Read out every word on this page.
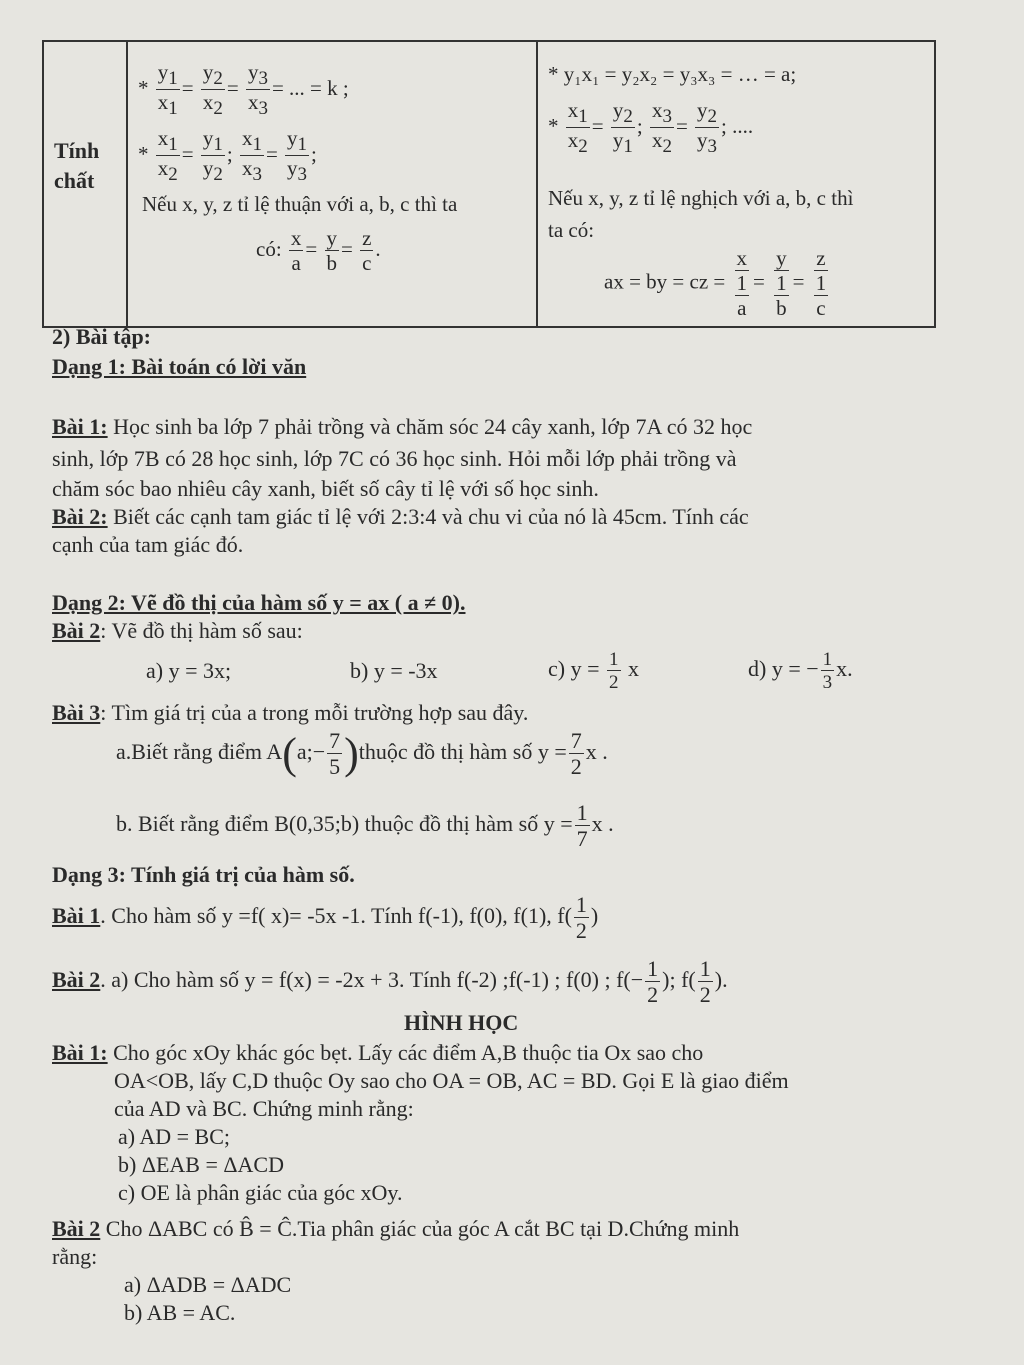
Tính chất

* $\frac{y_1}{x_1} = \frac{y_2}{x_2} = \frac{y_3}{x_3}$ = ... = k ;
* $\frac{x_1}{x_2} = \frac{y_1}{y_2}$ ; $\frac{x_1}{x_3} = \frac{y_1}{y_3}$ ;
Nếu x, y, z tỉ lệ thuận với a, b, c thì ta
có: $\frac{x}{a} = \frac{y}{b} = \frac{z}{c}$ .

* y₁x₁ = y₂x₂ = y₃x₃ = … = a;
* $\frac{x_1}{x_2} = \frac{y_2}{y_1}$ ; $\frac{x_3}{x_2} = \frac{y_2}{y_3}$ ; ....
Nếu x, y, z tỉ lệ nghịch với a, b, c thì
ta có:
ax = by = cz = $\frac{x}{\frac{1}{a}} = \frac{y}{\frac{1}{b}} = \frac{z}{\frac{1}{c}}$
2) Bài tập:
Dạng 1: Bài toán có lời văn
Bài 1: Học sinh ba lớp 7 phải trồng và chăm sóc 24 cây xanh, lớp 7A có 32 học
sinh, lớp 7B có 28 học sinh, lớp 7C có 36 học sinh. Hỏi mỗi lớp phải trồng và
chăm sóc bao nhiêu cây xanh, biết số cây tỉ lệ với số học sinh.
Bài 2: Biết các cạnh tam giác tỉ lệ với 2:3:4 và chu vi của nó là 45cm. Tính các
cạnh của tam giác đó.
Dạng 2: Vẽ đồ thị của hàm số y = ax ( a ≠ 0).
Bài 2: Vẽ đồ thị hàm số sau:
a) y = 3x;	b) y = -3x	c) $y = \frac{1}{2}$ x	d) y = − $\frac{1}{3} x$.
Bài 3: Tìm giá trị của a trong mỗi trường hợp sau đây.
a.Biết rằng điểm A(a;− $\frac{7}{5}$ )thuộc đồ thị hàm số $y = \frac{7}{2}$ x .
b. Biết rằng điểm B(0,35;b) thuộc đồ thị hàm số $y = \frac{1}{7}$ x .
Dạng 3: Tính giá trị của hàm số.
Bài 1. Cho hàm số y =f( x)= -5x -1. Tính f(-1), f(0), f(1), $f( \frac{1}{2}$ )
Bài 2. a) Cho hàm số y = f(x) = -2x + 3. Tính f(-2) ;f(-1) ; f(0) ; $f(- \frac{1}{2}$ ); $f( \frac{1}{2}$ ).
HÌNH HỌC
Bài 1: Cho góc xOy khác góc bẹt. Lấy các điểm A,B thuộc tia Ox sao cho
OA<OB, lấy C,D thuộc Oy sao cho OA = OB, AC = BD. Gọi E là giao điểm
của AD và BC. Chứng minh rằng:
a) AD = BC;
b) ΔEAB = ΔACD
c) OE là phân giác của góc xOy.
Bài 2 Cho ΔABC có B̂ = Ĉ.Tia phân giác của góc A cắt BC tại D.Chứng minh
rằng:
a) ΔADB = ΔADC
b) AB = AC.
